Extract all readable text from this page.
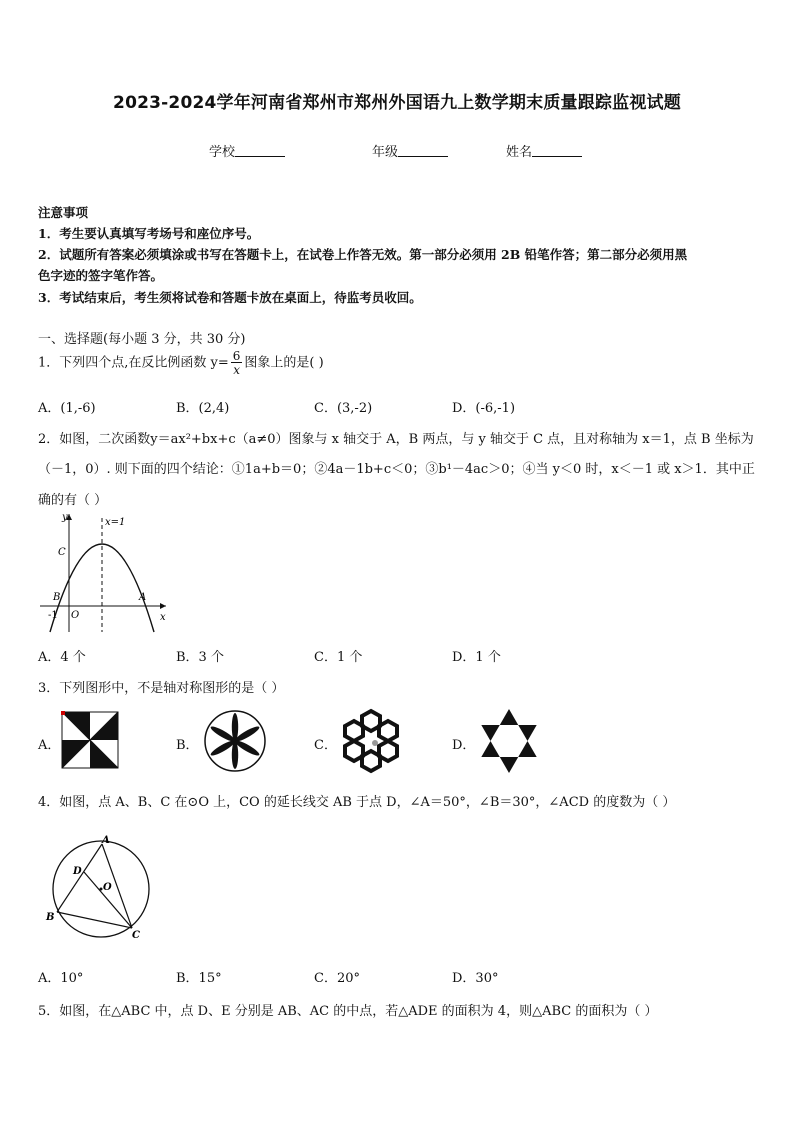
2023-2024学年河南省郑州市郑州外国语九上数学期末质量跟踪监视试题
学校	年级	姓名
注意事项
1．考生要认真填写考场号和座位序号。
2．试题所有答案必须填涂或书写在答题卡上，在试卷上作答无效。第一部分必须用 2B 铅笔作答；第二部分必须用黑
色字迹的签字笔作答。
3．考试结束后，考生须将试卷和答题卡放在桌面上，待监考员收回。
一、选择题(每小题 3 分，共 30 分)
1．下列四个点,在反比例函数 $y= \frac{6}{x}$ 图象上的是( )
A．(1,-6)	B．(2,4)	C．(3,-2)	D．(-6,-1)
2．如图，二次函数y＝ax²+bx+c（a≠0）图象与 x 轴交于 A，B 两点，与 y 轴交于 C 点，且对称轴为 x＝1，点 B 坐标为
（－1，0）. 则下面的四个结论：①1a+b＝0；②4a－1b+c＜0；③b¹－4ac＞0；④当 y＜0 时，x＜－1 或 x＞1．其中正
确的有（ ）
y
x
x=1
C
B	A
O
-1
A．4 个	B．3 个	C．1 个	D．1 个
3．下列图形中，不是轴对称图形的是（ ）
A．	B．	C．	D．
4．如图，点 A、B、C 在⊙O 上，CO 的延长线交 AB 于点 D，∠A＝50°，∠B＝30°，∠ACD 的度数为（ ）
A
B
C
D
O
A．10°	B．15°	C．20°	D．30°
5．如图，在△ABC 中，点 D、E 分别是 AB、AC 的中点，若△ADE 的面积为 4，则△ABC 的面积为（ ）
